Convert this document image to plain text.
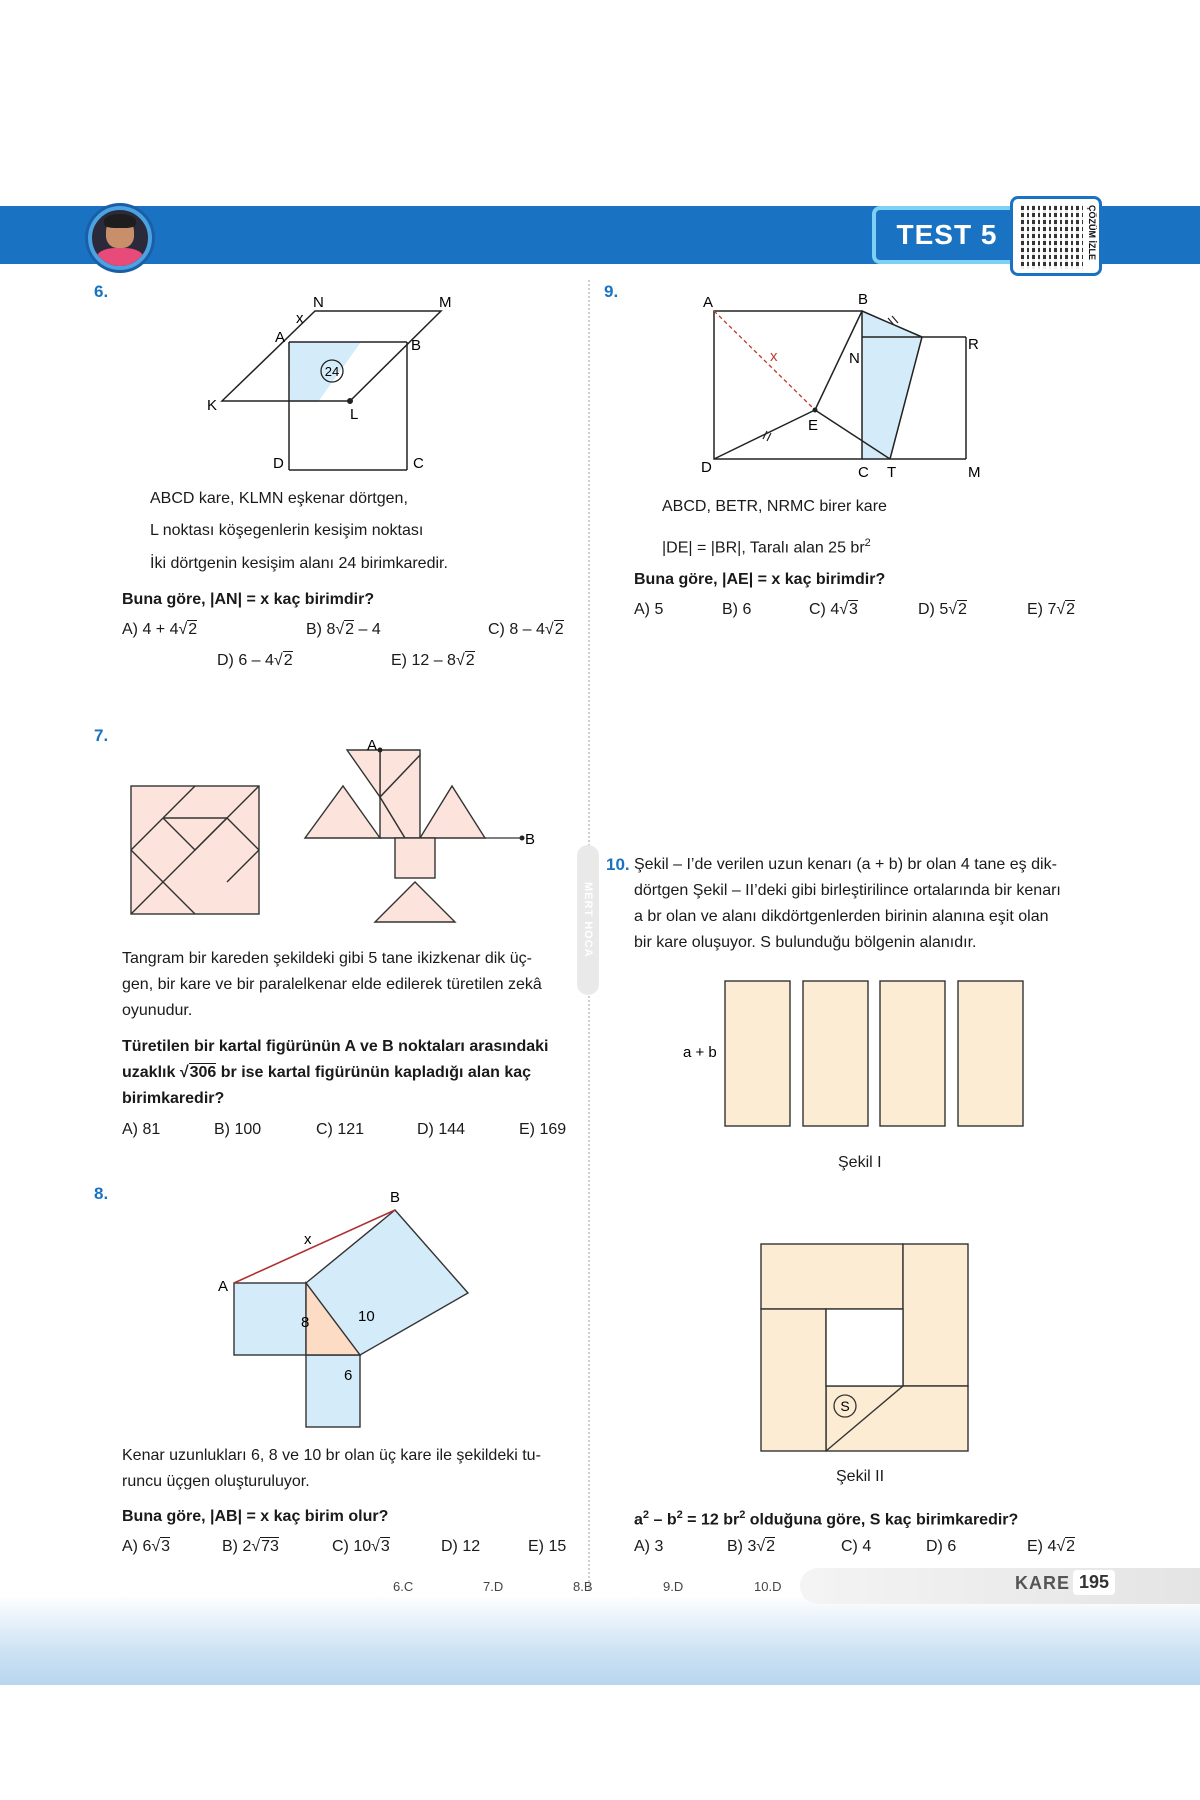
TEST 5	ÇÖZÜM İZLE
MERT HOCA
6.
24
N	M
x
A	B
K
L
D	C
ABCD kare, KLMN eşkenar dörtgen,
L noktası köşegenlerin kesişim noktası
İki dörtgenin kesişim alanı 24 birimkaredir.
Buna göre, |AN| = x kaç birimdir?
A) 4 + 4√2	B) 8√2 – 4	C) 8 – 4√2
D) 6 – 4√2	E) 12 – 8√2
9.
A	B
R
N
x
E
D	C T	M
ABCD, BETR, NRMC birer kare
|DE| = |BR|, Taralı alan 25 $br^2$
Buna göre, |AE| = x kaç birimdir?
A) 5	B) 6	C) 4√3	D) 5√2	E) 7√2
7.
A
B
Tangram bir kareden şekildeki gibi 5 tane ikizkenar dik üç-
gen, bir kare ve bir paralelkenar elde edilerek türetilen zekâ
oyunudur.
Türetilen bir kartal figürünün A ve B noktaları arasındaki
uzaklık √306 br ise kartal figürünün kapladığı alan kaç
birimkaredir?
A) 81	B) 100	C) 121	D) 144	E) 169
8.
A
B
x
8	10
6
Kenar uzunlukları 6, 8 ve 10 br olan üç kare ile şekildeki tu-
runcu üçgen oluşturuluyor.
Buna göre, |AB| = x kaç birim olur?
A) 6√3	B) 2√73	C) 10√3	D) 12	E) 15
10. Şekil – I’de verilen uzun kenarı (a + b) br olan 4 tane eş dik-
dörtgen Şekil – II’deki gibi birleştirilince ortalarında bir kenarı
a br olan ve alanı dikdörtgenlerden birinin alanına eşit olan
bir kare oluşuyor. S bulunduğu bölgenin alanıdır.
a + b
Şekil I
S
Şekil II
$a^2 - b^2 = 12$ $br^2$ olduğuna göre, S kaç birimkaredir?
A) 3	B) 3√2	C) 4	D) 6	E) 4√2
6.C	7.D	8.B	9.D	10.D	KARE 195
